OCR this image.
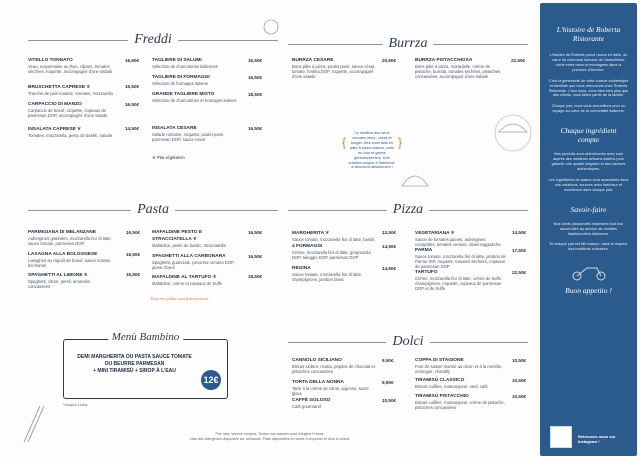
Freddi
VITELLO TONNATO
Veau, mayonnaise au thon, câpres, tomates séchées, roquette, accompagné d'une salade
16,50€
BRUSCHETTA CAPRESE ❦
Tranche de pain toastée, tomates, mozzarella
15,50€
CARPACCIO DI MANZO
Carpaccio de boeuf, roquette, copeaux de parmesan DOP, accompagné d'une salade
16,50€
INSALATA CAPRESE ❦
Tomates, mozzarella, pesto de basilic, salade
14,50€
TAGLIERE DI SALUMI
Sélection de charcuteries italiennes
16,50€
TAGLIERE DI FORMAGGI
Sélection de fromages italiens
16,50€
GRANDE TAGLIERE MISTO
Sélection de charcuteries et fromages italiens
18,50€
INSALATA CESARE
Salade romaine, roquette, poulet pané, parmesan DOP, sauce césar
16,50€
❦ Plat végétarien
Burrza
BURRZA CESARE
Buns pâte à pizza, poulet pané, sauce césar, tomate, fontina DOP, roquette, accompagné d'une salade
20,50€	BURRZA PISTACCHIOSA
Buns pâte à pizza, mortadelle, crème de pistache, burrata, tomates séchées, pistaches concassées, accompagné d'une salade
22,50€
{
Le meilleur des deux mondes réuni : pizza et burger. Des buns faits en pâte à pizza maison, cuits au four et garnis généreusement. Une création unique à l'italienne, à découvrir absolument !
}
Pasta
PARMIGIANA DI MELANZANE
Aubergines gratinées, mozzarella fior di latte, sauce tomate, parmesan DOP
16,50€
LASAGNA ALLA BOLOGNESE
Lasagnes au ragoût de boeuf, sauce tomate, béchamel
16,50€
SPAGHETTI AL LIMONE ❦
Spaghetti, citron, persil, amandes concassées
16,50€
MAFALDINE PESTO E STRACCIATELLA ❦
Mafaldine, pesto de basilic, stracciatella
16,50€
SPAGHETTI ALLA CARBONARA
Spaghetti, guanciale, pecorino romano DOP, jaune d'oeuf
16,50€
MAFALDINE AL TARTUFO ❦
Mafaldine, crème et copeaux de truffe
18,50€
Tous nos plats sont faits maison
Pizza
MARGHERITA ❦
Sauce tomate, mozzarella fior di latte, basilic
12,50€
4 FORMAGGI
Crème, mozzarella fior di latte, gorgonzola DOP, taleggio DOP, parmesan DOP
14,50€
REGINA
Sauce tomate, mozzarella fior di latte, champignons, jambon blanc
14,50€
VEGETARIANA ❦
Sauce de tomates jaunes, aubergines, courgettes, tomates cerises, olives taggiasche
14,50€
PARMA
Sauce tomate, mozzarella fior di latte, jambon de Parme IGP, roquette, tomates séchées, copeaux de parmesan DOP
17,50€
TARTUFO
Crème, mozzarella fior di latte, crème de truffe, champignons, roquette, copeaux de parmesan DOP et de truffe
22,50€
Menù Bambino
DEMI MARGHERITA OU PASTA SAUCE TOMATE
OU BEURRE PARMESAN
+ MINI TIRAMISÙ + SIROP À L'EAU
12€
*Jusqu'à 12ans
Dolci
CANNOLO SICILIANO
Biscuit sicilien, ricotta, pépites de chocolat et pistaches concassées
9,50€
TORTA DELLA NONNA
Tarte à la crème de citron, pignons, sucre glace
9,50€
CAFFÈ GOLOSO
Café gourmand
10,50€
COPPA DI STAGIONE
Fruit de saison mariné au citron et à la menthe, meringue, chantilly
10,50€
TIRAMISÙ CLASSICO
Biscuit cuillère, mascarpone, oeuf, café
10,50€
TIRAMISÙ PISTACCHIO
Biscuit cuillère, mascarpone, crème de pistache, pistaches concassées
10,50€
Prix nets, service compris. Toutes nos viandes sont d'origine France.
Liste des allergènes disponible sur demande. Plats disponibles en vente à emporter et click & collect.
L'histoire de Roberta Ristorante
L'histoire de Roberta prend racine en Italie, au cœur du charmant hameau de Sassofeltrio, niché entre mers et montagnes dans la province d'Ancône.
C'est la générosité de cette cuisine authentique et familiale que nous retrouvons chez Roberta Ristorante. Chez nous, vous êtes bien plus que des clients, vous faites partie de la famille.
Chaque jour, nous vous accueillons pour un voyage au cœur de la convivialité italienne.
Chaque ingrédient compte
Nos produits sont sélectionnés avec soin auprès des meilleurs artisans italiens pour garantir une qualité inégalée et des saveurs authentiques.
Les ingrédients de saison sont assemblés dans nos créations, sourcés avec fraîcheur et excellence dans chaque plat.
Savoir-faire
Nos chefs passionnés maîtrisent tout leur savoir-faire au service de recettes traditionnelles italiennes.
Et chaque plat est fait maison, dans le respect des traditions culinaires.
Buon appetito !
Retrouvez-nous sur Instagram !
